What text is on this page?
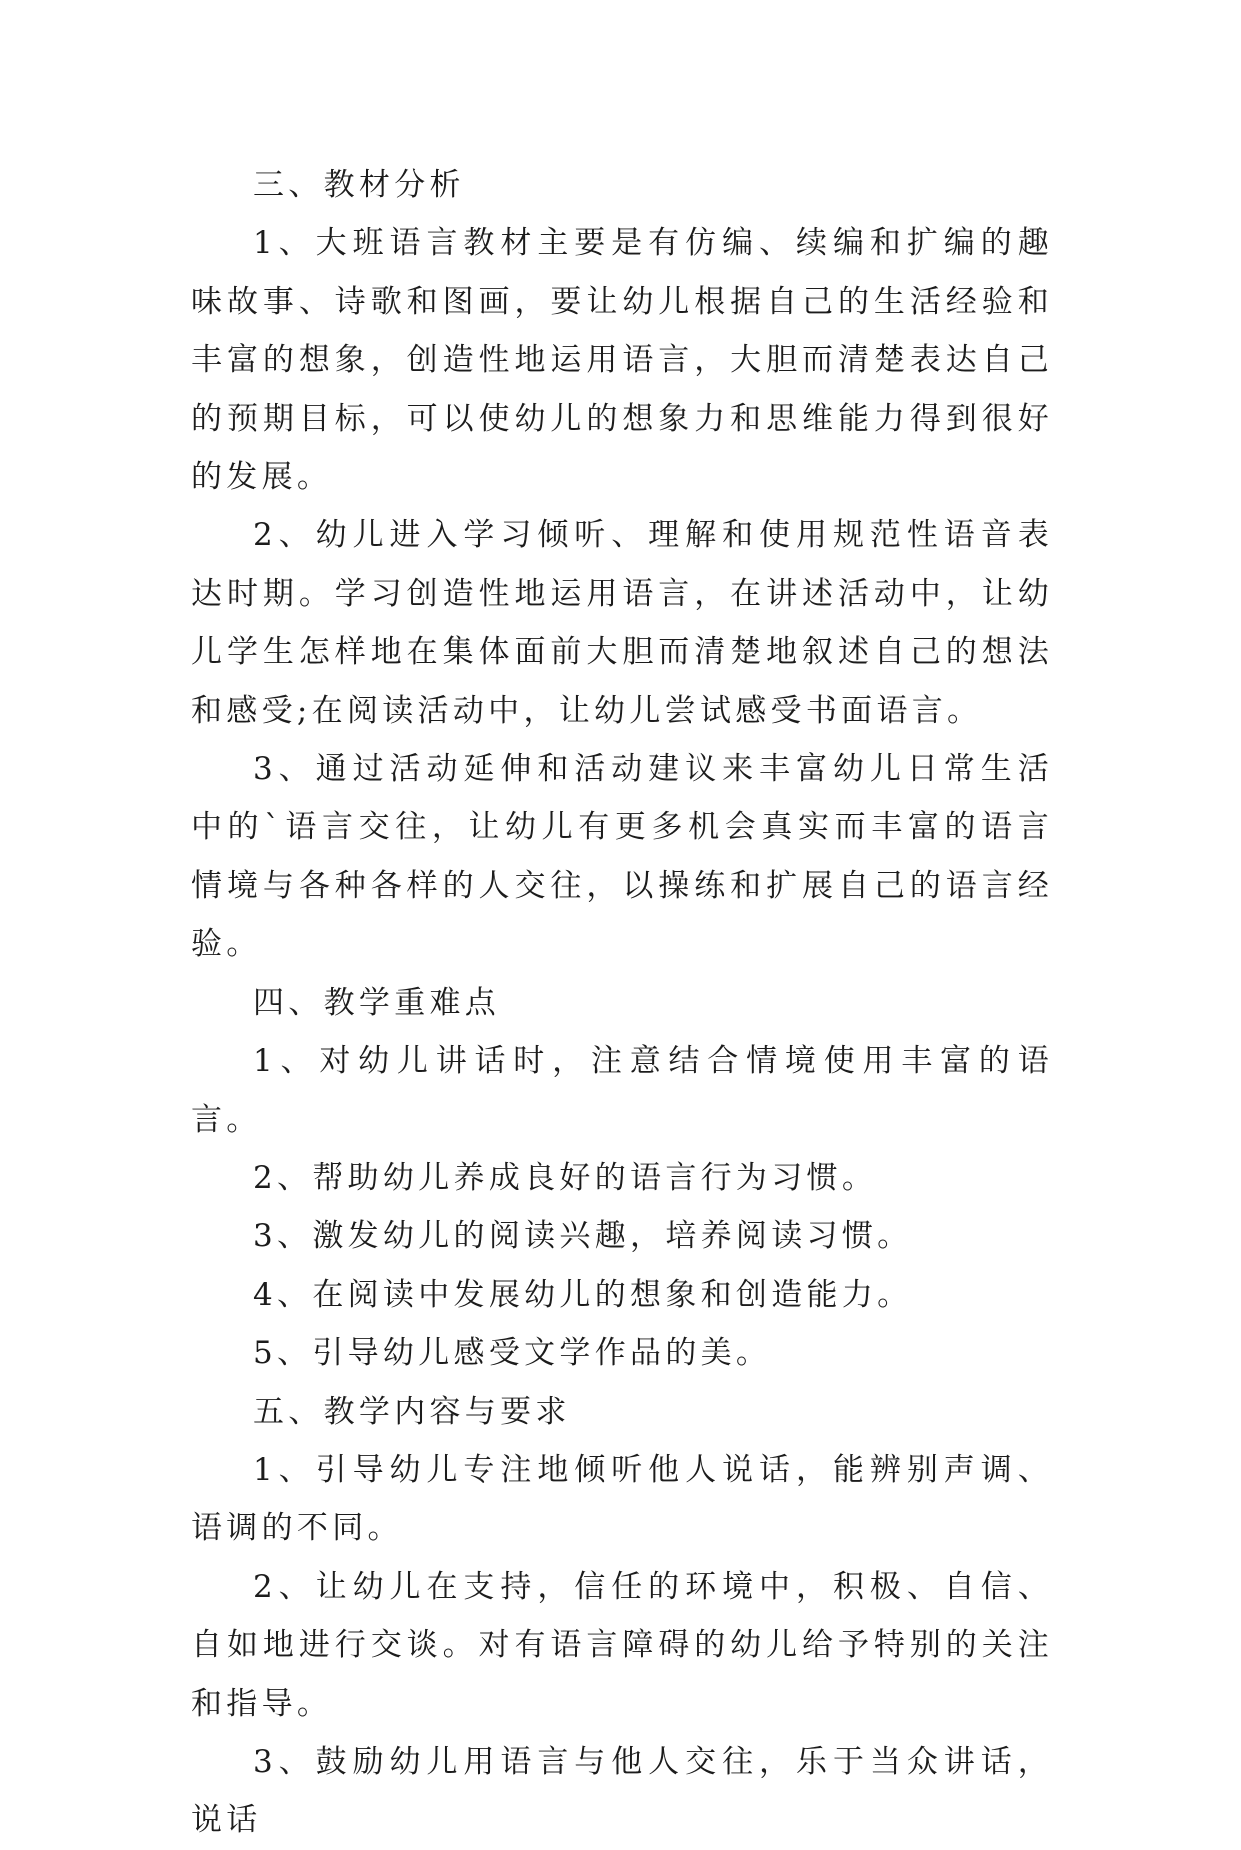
三、教材分析

1、大班语言教材主要是有仿编、续编和扩编的趣味故事、诗歌和图画，要让幼儿根据自己的生活经验和丰富的想象，创造性地运用语言，大胆而清楚表达自己的预期目标，可以使幼儿的想象力和思维能力得到很好的发展。

2、幼儿进入学习倾听、理解和使用规范性语音表达时期。学习创造性地运用语言，在讲述活动中，让幼儿学生怎样地在集体面前大胆而清楚地叙述自己的想法和感受;在阅读活动中，让幼儿尝试感受书面语言。

3、通过活动延伸和活动建议来丰富幼儿日常生活中的`语言交往，让幼儿有更多机会真实而丰富的语言情境与各种各样的人交往，以操练和扩展自己的语言经验。

四、教学重难点

1、对幼儿讲话时，注意结合情境使用丰富的语言。

2、帮助幼儿养成良好的语言行为习惯。

3、激发幼儿的阅读兴趣，培养阅读习惯。

4、在阅读中发展幼儿的想象和创造能力。

5、引导幼儿感受文学作品的美。

五、教学内容与要求

1、引导幼儿专注地倾听他人说话，能辨别声调、语调的不同。

2、让幼儿在支持，信任的环境中，积极、自信、自如地进行交谈。对有语言障碍的幼儿给予特别的关注和指导。

3、鼓励幼儿用语言与他人交往，乐于当众讲话，说话
